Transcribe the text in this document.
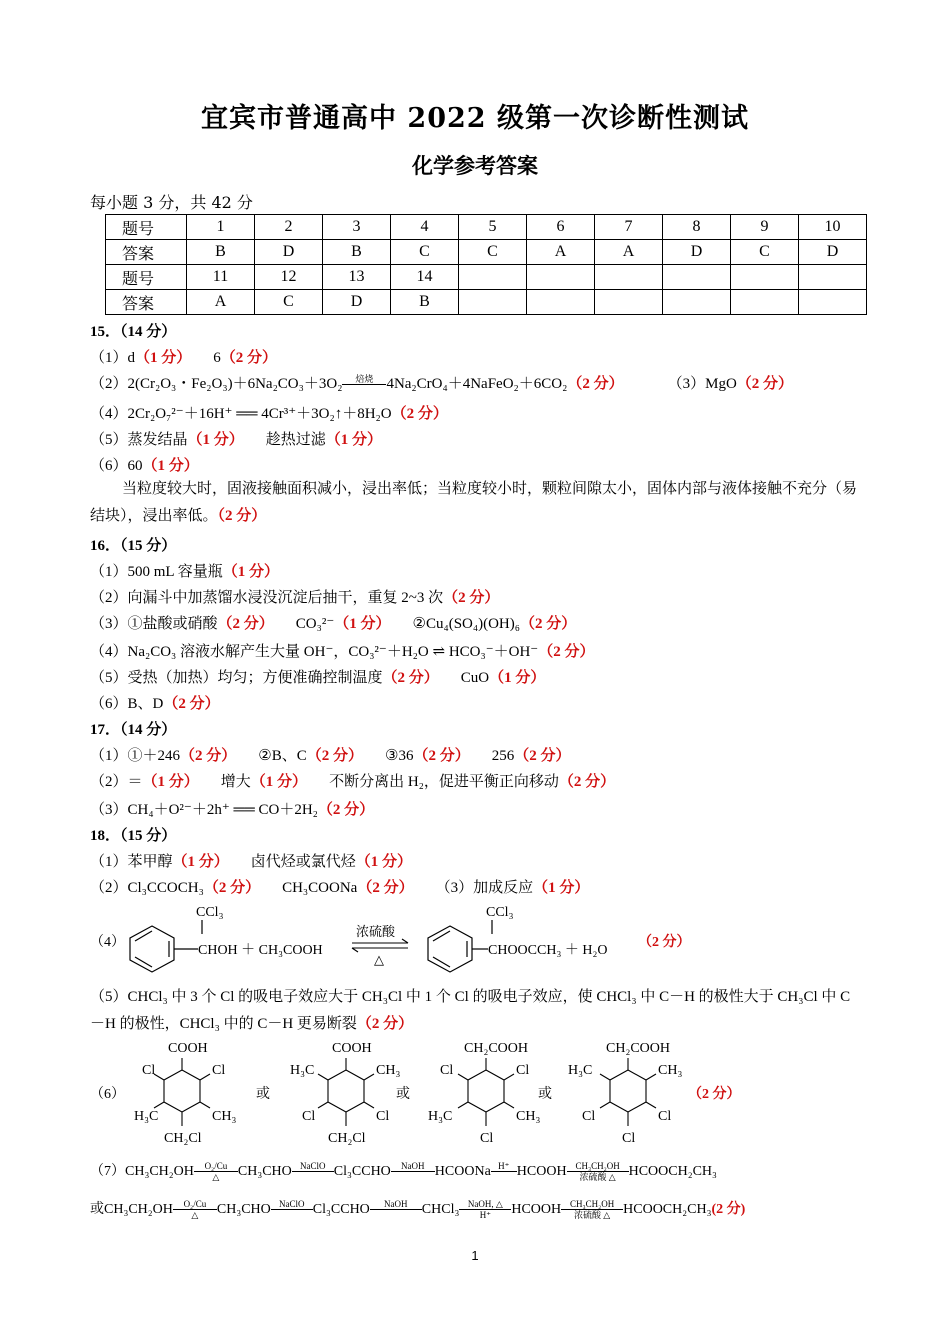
宜宾市普通高中 2022 级第一次诊断性测试
化学参考答案
每小题 3 分，共 42 分
题号	1	2	3	4	5	6	7	8	9	10
答案	B	D	B	C	C	A	A	D	C	D
题号	11	12	13	14						
答案	A	C	D	B						
15．（14 分）
（1）d（1 分） 6（2 分）
（2）2(Cr₂O₃・Fe₂O₃)＋6Na₂CO₃＋3O₂	焙烧
4Na₂CrO₄＋4NaFeO₂＋6CO₂（2 分）	（3）MgO（2 分）
（4）2Cr₂O₇²⁻＋16H⁺ ══ 4Cr³⁺＋3O₂↑＋8H₂O（2 分）
（5）蒸发结晶（1 分） 趁热过滤（1 分）
（6）60（1 分）
当粒度较大时，固液接触面积减小，浸出率低；当粒度较小时，颗粒间隙太小，固体内部与液体接触不充分（易结块），浸出率低。（2 分）
16．（15 分）
（1）500 mL 容量瓶（1 分）
（2）向漏斗中加蒸馏水浸没沉淀后抽干，重复 2~3 次（2 分）
（3）①盐酸或硝酸（2 分） CO₃²⁻（1 分） ②Cu₄(SO₄)(OH)₆（2 分）
（4）Na₂CO₃ 溶液水解产生大量 OH⁻，CO₃²⁻＋H₂O ⇌ HCO₃⁻＋OH⁻（2 分）
（5）受热（加热）均匀；方便准确控制温度（2 分） CuO（1 分）
（6）B、D（2 分）
17．（14 分）
（1）①＋246（2 分） ②B、C（2 分） ③36（2 分） 256（2 分）
（2）＝（1 分） 增大（1 分） 不断分离出 H₂，促进平衡正向移动（2 分）
（3）CH₄＋O²⁻＋2h⁺ ══ CO＋2H₂（2 分）
18．（15 分）
（1）苯甲醇（1 分） 卤代烃或氯代烃（1 分）
（2）Cl₃CCOCH₃（2 分） CH₃COONa（2 分） （3）加成反应（1 分）
（4）
CCl₃
CHOH ＋ CH₃COOH
浓硫酸
△
CCl₃
CHOOCCH₃ ＋ H₂O
（2 分）
（5）CHCl₃ 中 3 个 Cl 的吸电子效应大于 CH₃Cl 中 1 个 Cl 的吸电子效应，使 CHCl₃ 中 C－H 的极性大于 CH₃Cl 中 C－H 的极性，CHCl₃ 中的 C－H 更易断裂（2 分）
（6）
COOH
Cl	Cl
H₃C	CH₃
CH₂Cl
或
COOH
H₃C	CH₃
Cl	Cl
CH₂Cl
或
CH₂COOH
Cl	Cl
H₃C	CH₃
Cl
或
CH₂COOH
H₃C	CH₃
Cl	Cl
Cl
（2 分）
（7）CH₃CH₂OH	O₂/Cu
△	CH₃CHO NaClO
Cl₃CCHO	NaOH
HCOONa H⁺
HCOOH CH₃CH₂OH
浓硫酸 △ HCOOCH₂CH₃
或CH₃CH₂OH	O₂/Cu
△	CH₃CHO NaClO
Cl₃CCHO	NaOH
	CHCl₃ NaOH, △
H⁺	HCOOH CH₃CH₂OH
浓硫酸 △ HCOOCH₂CH₃(2 分)
1
